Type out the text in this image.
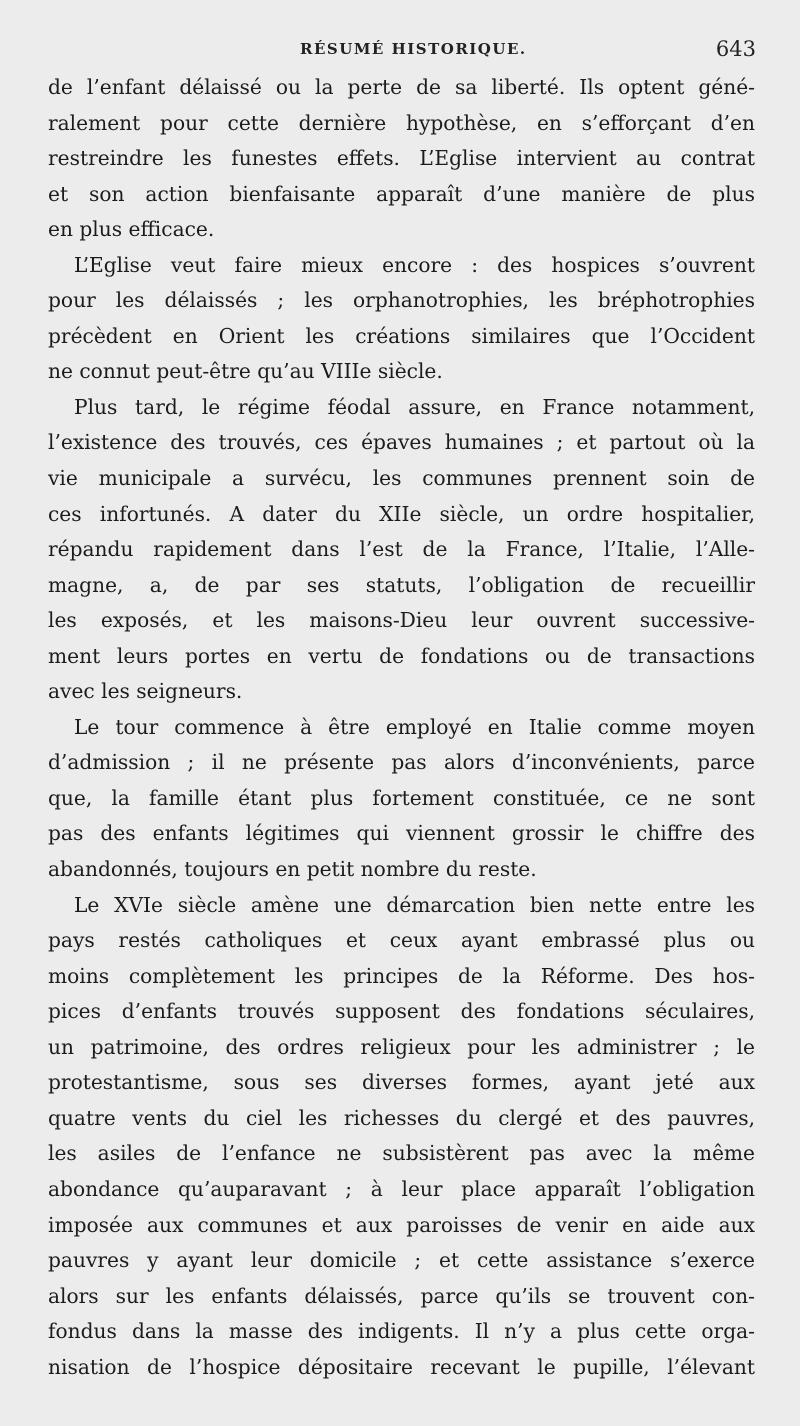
RÉSUMÉ HISTORIQUE.	643
de l’enfant délaissé ou la perte de sa liberté. Ils optent géné-
ralement pour cette dernière hypothèse, en s’efforçant d’en
restreindre les funestes effets. L’Eglise intervient au contrat
et son action bienfaisante apparaît d’une manière de plus
en plus efficace.
L’Eglise veut faire mieux encore : des hospices s’ouvrent
pour les délaissés ; les orphanotrophies, les bréphotrophies
précèdent en Orient les créations similaires que l’Occident
ne connut peut-être qu’au VIIIe siècle.
Plus tard, le régime féodal assure, en France notamment,
l’existence des trouvés, ces épaves humaines ; et partout où la
vie municipale a survécu, les communes prennent soin de
ces infortunés. A dater du XIIe siècle, un ordre hospitalier,
répandu rapidement dans l’est de la France, l’Italie, l’Alle-
magne, a, de par ses statuts, l’obligation de recueillir
les exposés, et les maisons-Dieu leur ouvrent successive-
ment leurs portes en vertu de fondations ou de transactions
avec les seigneurs.
Le tour commence à être employé en Italie comme moyen
d’admission ; il ne présente pas alors d’inconvénients, parce
que, la famille étant plus fortement constituée, ce ne sont
pas des enfants légitimes qui viennent grossir le chiffre des
abandonnés, toujours en petit nombre du reste.
Le XVIe siècle amène une démarcation bien nette entre les
pays restés catholiques et ceux ayant embrassé plus ou
moins complètement les principes de la Réforme. Des hos-
pices d’enfants trouvés supposent des fondations séculaires,
un patrimoine, des ordres religieux pour les administrer ; le
protestantisme, sous ses diverses formes, ayant jeté aux
quatre vents du ciel les richesses du clergé et des pauvres,
les asiles de l’enfance ne subsistèrent pas avec la même
abondance qu’auparavant ; à leur place apparaît l’obligation
imposée aux communes et aux paroisses de venir en aide aux
pauvres y ayant leur domicile ; et cette assistance s’exerce
alors sur les enfants délaissés, parce qu’ils se trouvent con-
fondus dans la masse des indigents. Il n’y a plus cette orga-
nisation de l’hospice dépositaire recevant le pupille, l’élevant
